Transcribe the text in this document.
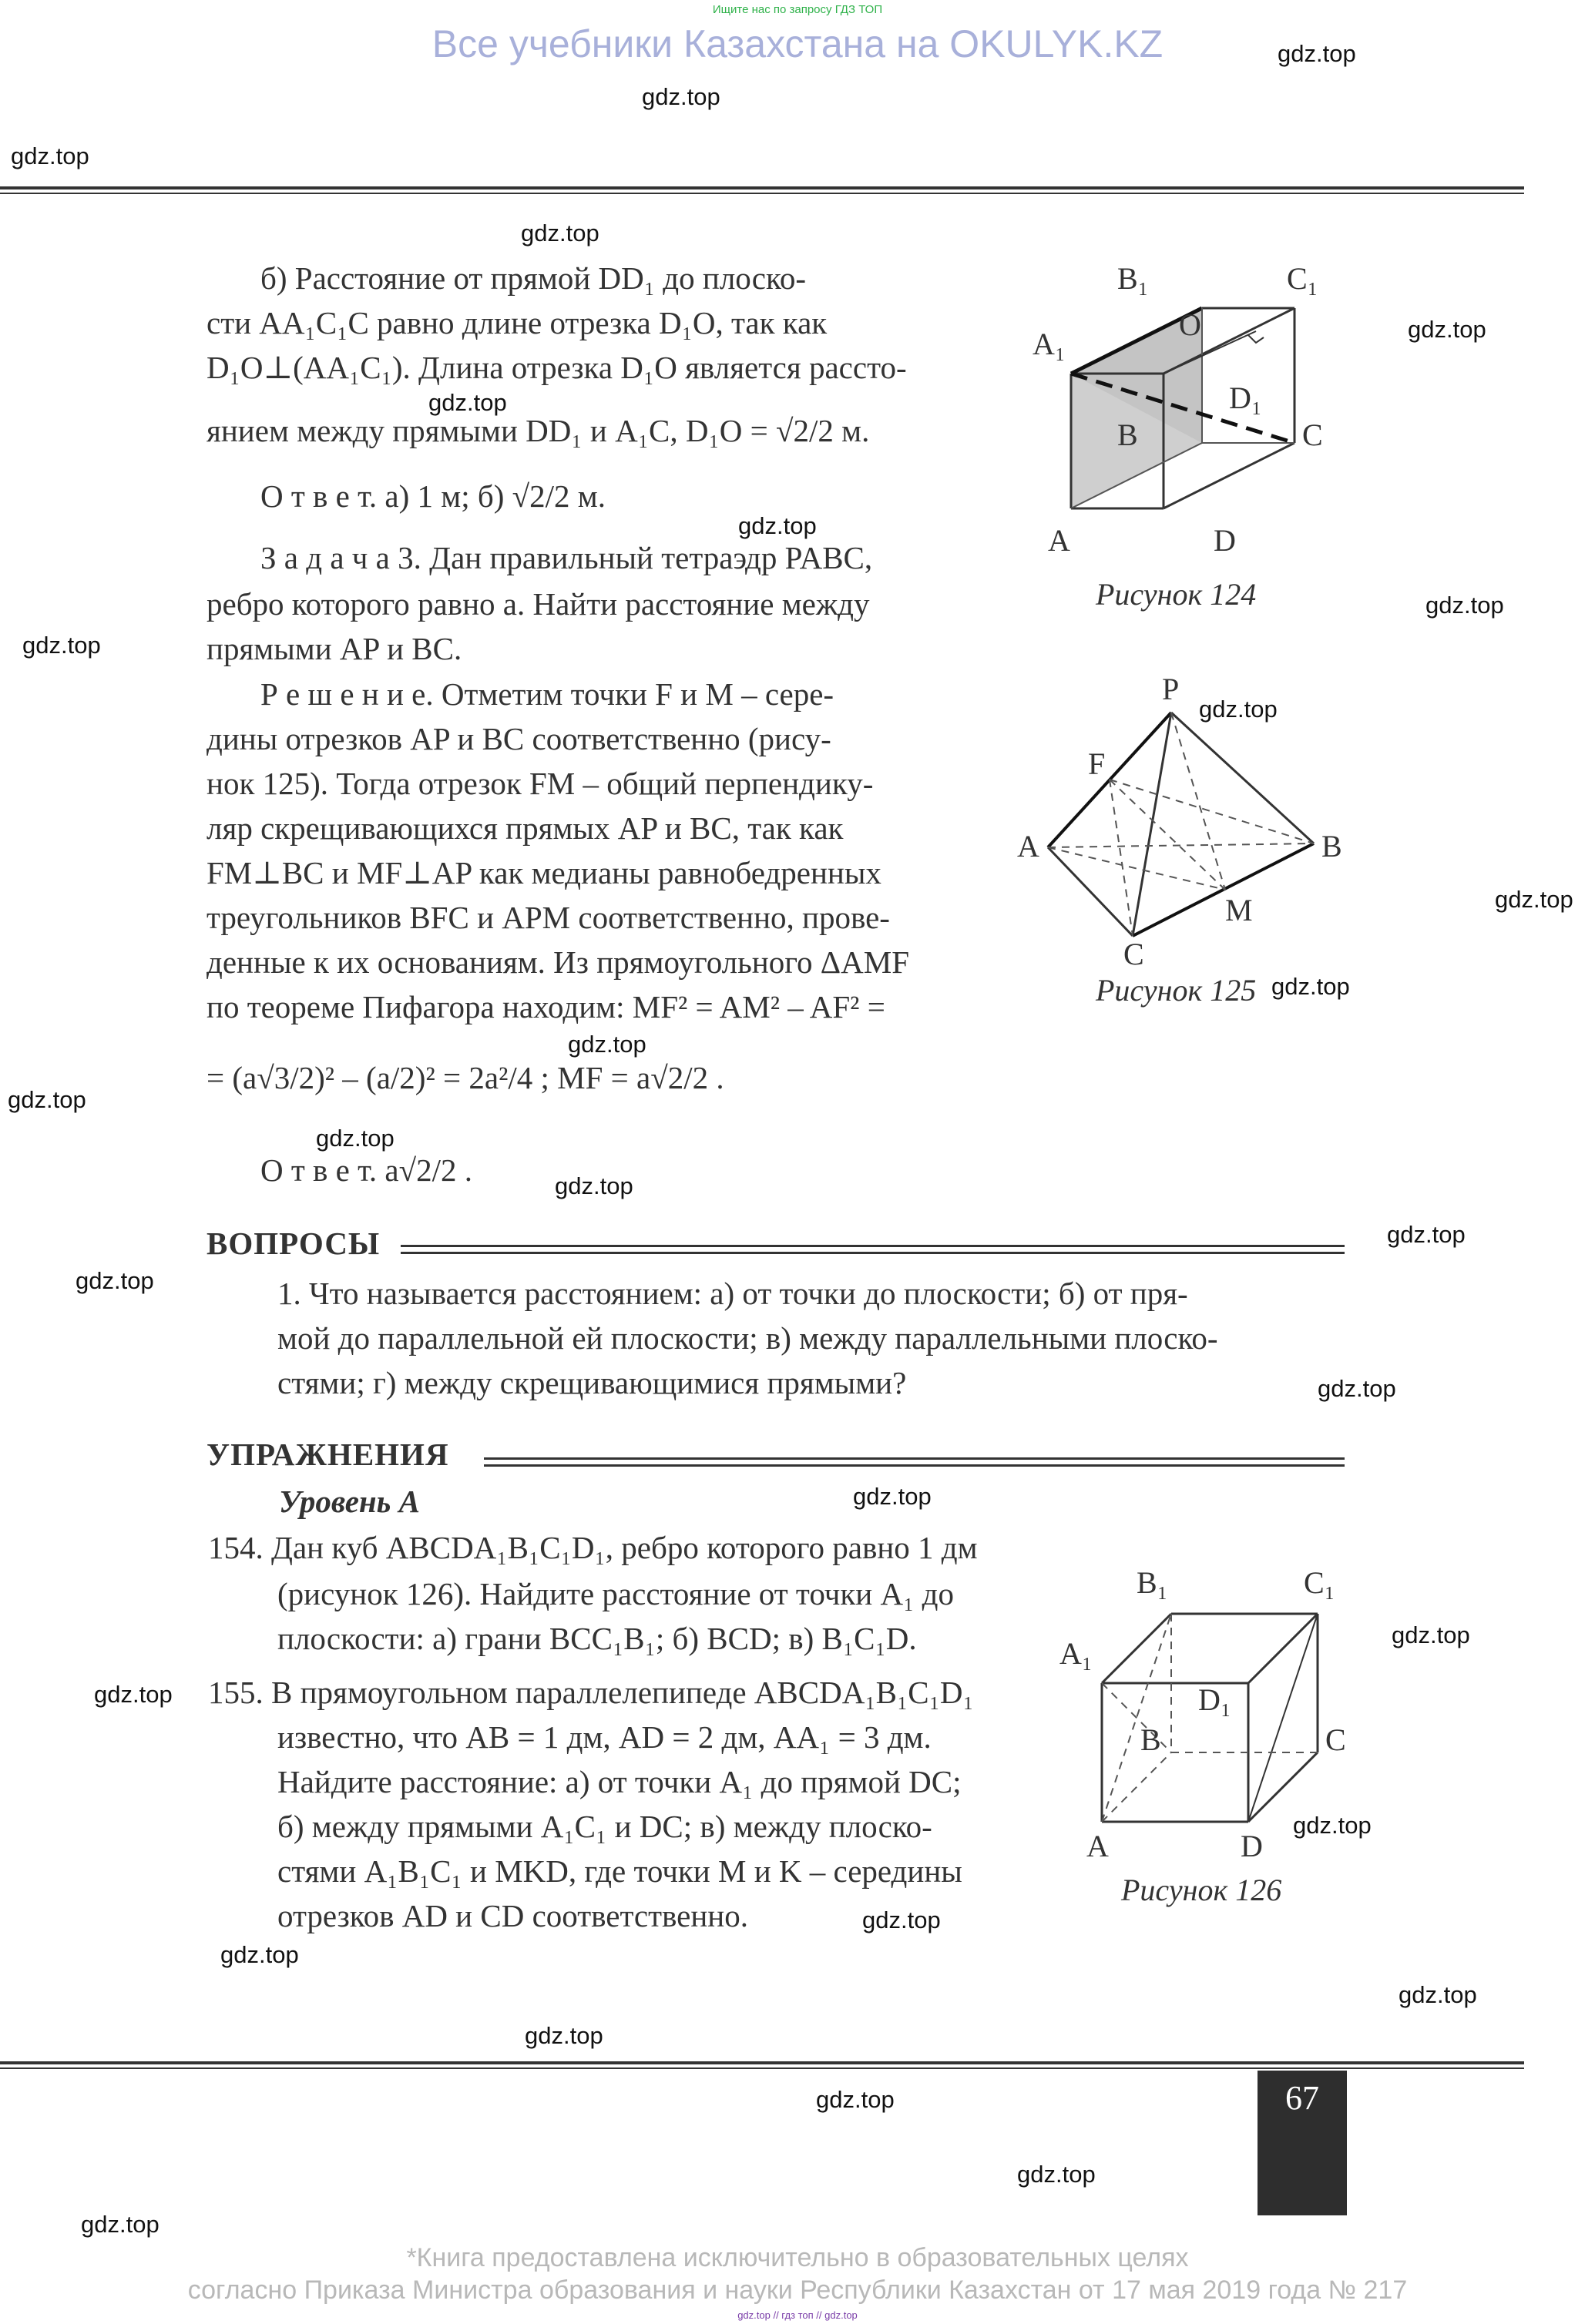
Ищите нас по запросу ГДЗ ТОП
Все учебники Казахстана на OKULYK.KZ
б) Расстояние от прямой DD₁ до плоско-
сти AA₁C₁C равно длине отрезка D₁O, так как
D₁O⊥(AA₁C₁). Длина отрезка D₁O является рассто-
янием между прямыми DD₁ и A₁C, D₁O = √2/2 м.
О т в е т. а) 1 м; б) √2/2 м.
З а д а ч а 3. Дан правильный тетраэдр PABC,
ребро которого равно a. Найти расстояние между
прямыми AP и BC.
Р е ш е н и е. Отметим точки F и M – сере-
дины отрезков AP и BC соответственно (рису-
нок 125). Тогда отрезок FM – общий перпендику-
ляр скрещивающихся прямых AP и BC, так как
FM⊥BC и MF⊥AP как медианы равнобедренных
треугольников BFC и APM соответственно, прове-
денные к их основаниям. Из прямоугольного ΔAMF
по теореме Пифагора находим: MF² = AM² – AF² =
= (a√3/2)² – (a/2)² = 2a²/4 ; MF = a√2/2 .
О т в е т. a√2/2 .
B₁	C₁
A₁
O
D₁
B	C
A	D
Рисунок 124
P
F
A	B
M
C
Рисунок 125
ВОПРОСЫ
1. Что называется расстоянием: а) от точки до плоскости; б) от пря-
мой до параллельной ей плоскости; в) между параллельными плоско-
стями; г) между скрещивающимися прямыми?
УПРАЖНЕНИЯ
Уровень А
154. Дан куб ABCDA₁B₁C₁D₁, ребро которого равно 1 дм
(рисунок 126). Найдите расстояние от точки A₁ до
плоскости: а) грани BCC₁B₁; б) BCD; в) B₁C₁D.
155. В прямоугольном параллелепипеде ABCDA₁B₁C₁D₁
известно, что AB = 1 дм, AD = 2 дм, AA₁ = 3 дм.
Найдите расстояние: а) от точки A₁ до прямой DC;
б) между прямыми A₁C₁ и DC; в) между плоско-
стями A₁B₁C₁ и MKD, где точки M и K – середины
отрезков AD и CD соответственно.
B₁	C₁
A₁
D₁
B	C
A	D
Рисунок 126
67
*Книга предоставлена исключительно в образовательных целях
согласно Приказа Министра образования и науки Республики Казахстан от 17 мая 2019 года № 217
gdz.top // гдз топ // gdz.top
gdz.top
gdz.top
gdz.top
gdz.top
gdz.top
gdz.top
gdz.top
gdz.top
gdz.top
gdz.top
gdz.top
gdz.top
gdz.top
gdz.top
gdz.top
gdz.top
gdz.top
gdz.top
gdz.top
gdz.top
gdz.top
gdz.top
gdz.top
gdz.top
gdz.top
gdz.top
gdz.top
gdz.top
gdz.top
gdz.top
